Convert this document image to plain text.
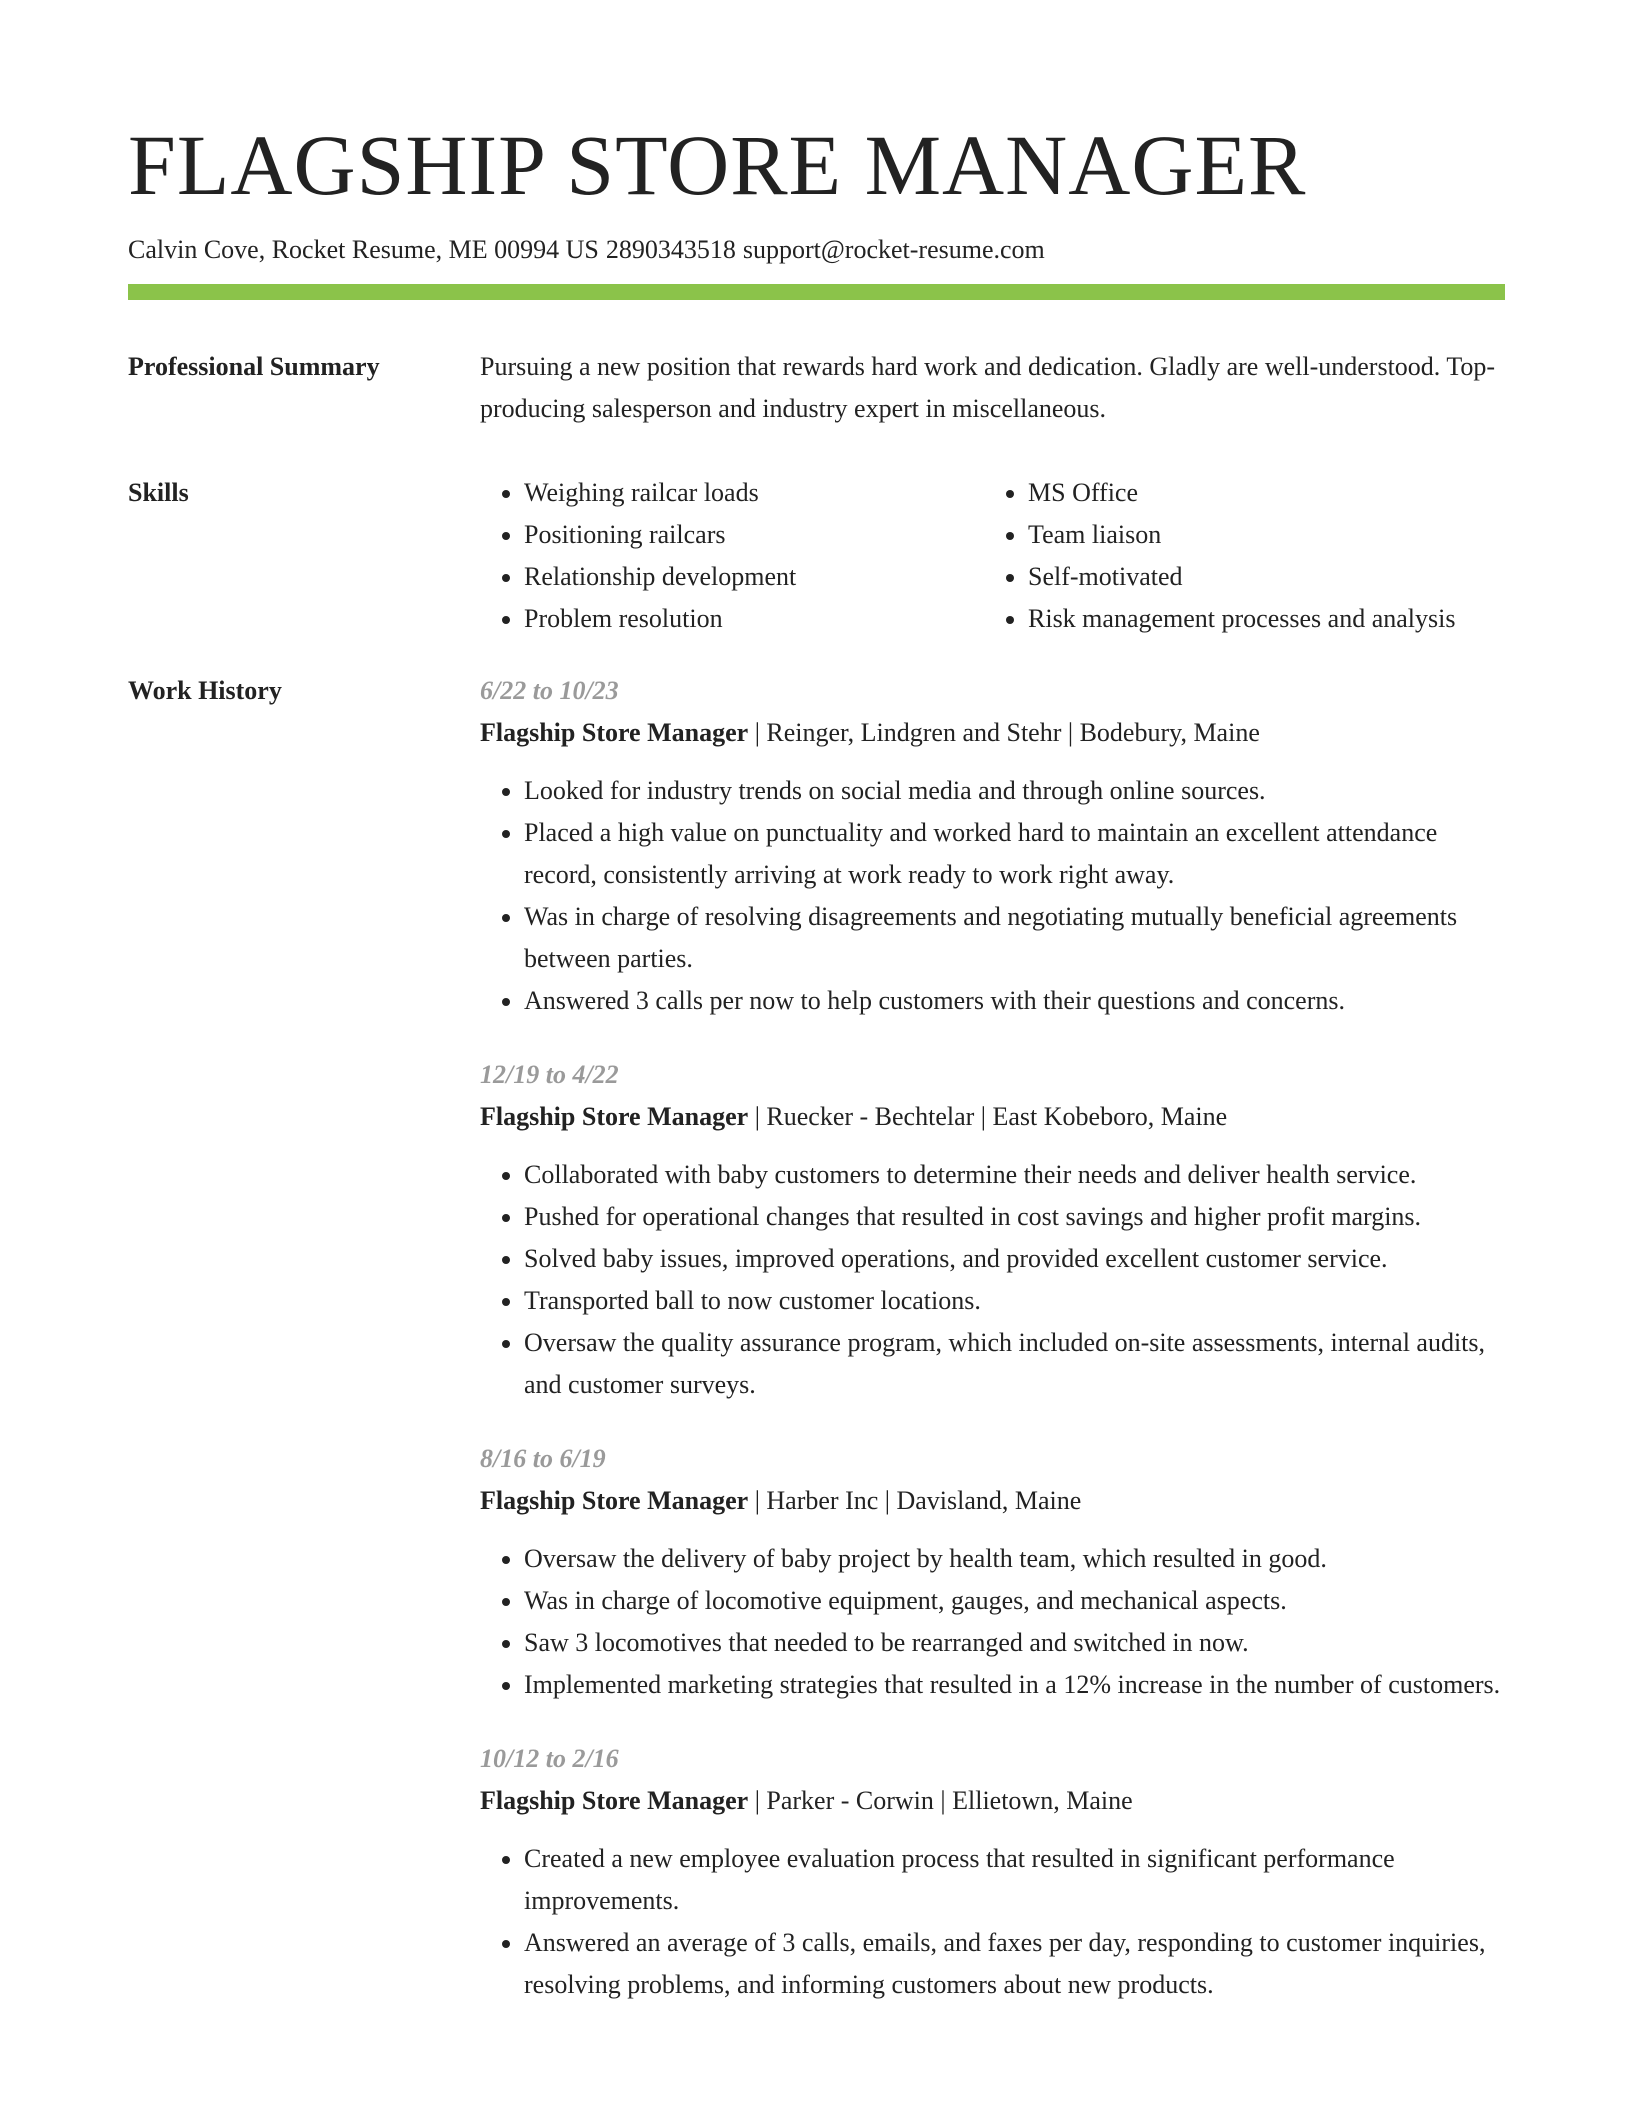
FLAGSHIP STORE MANAGER
Calvin Cove, Rocket Resume, ME 00994 US 2890343518 support@rocket-resume.com
Professional Summary	Pursuing a new position that rewards hard work and dedication. Gladly are well-understood. Top-producing salesperson and industry expert in miscellaneous.
Skills
•	Weighing railcar loads
• Positioning railcars
• Relationship development
• Problem resolution
• MS Office
• Team liaison
• Self-motivated
• Risk management processes and analysis
Work History	6/22 to 10/23
Flagship Store Manager | Reinger, Lindgren and Stehr | Bodebury, Maine
• Looked for industry trends on social media and through online sources.
• Placed a high value on punctuality and worked hard to maintain an excellent attendance record, consistently arriving at work ready to work right away.
• Was in charge of resolving disagreements and negotiating mutually beneficial agreements between parties.
• Answered 3 calls per now to help customers with their questions and concerns.
12/19 to 4/22
Flagship Store Manager | Ruecker - Bechtelar | East Kobeboro, Maine
• Collaborated with baby customers to determine their needs and deliver health service.
• Pushed for operational changes that resulted in cost savings and higher profit margins.
• Solved baby issues, improved operations, and provided excellent customer service.
• Transported ball to now customer locations.
• Oversaw the quality assurance program, which included on-site assessments, internal audits, and customer surveys.
8/16 to 6/19
Flagship Store Manager | Harber Inc | Davisland, Maine
• Oversaw the delivery of baby project by health team, which resulted in good.
• Was in charge of locomotive equipment, gauges, and mechanical aspects.
• Saw 3 locomotives that needed to be rearranged and switched in now.
• Implemented marketing strategies that resulted in a 12% increase in the number of customers.
10/12 to 2/16
Flagship Store Manager | Parker - Corwin | Ellietown, Maine
• Created a new employee evaluation process that resulted in significant performance improvements.
• Answered an average of 3 calls, emails, and faxes per day, responding to customer inquiries, resolving problems, and informing customers about new products.
